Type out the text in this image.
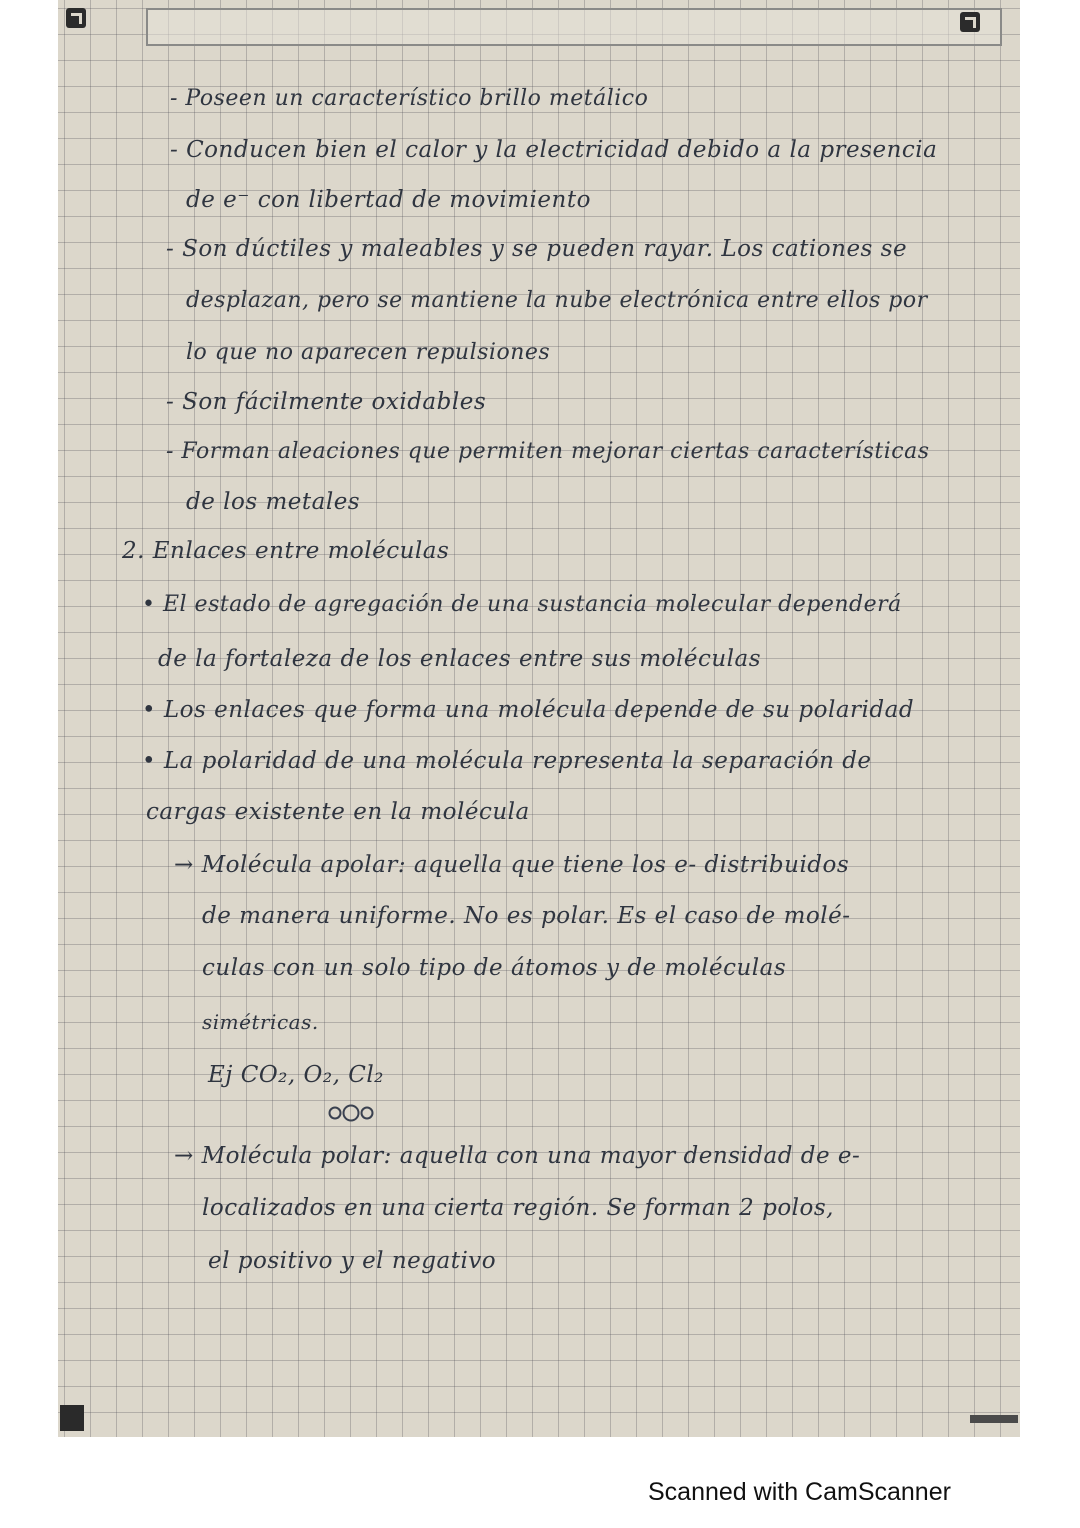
- Poseen un característico brillo metálico
- Conducen bien el calor y la electricidad debido a la presencia
de e⁻ con libertad de movimiento
- Son dúctiles y maleables y se pueden rayar. Los cationes se
desplazan, pero se mantiene la nube electrónica entre ellos por
lo que no aparecen repulsiones
- Son fácilmente oxidables
- Forman aleaciones que permiten mejorar ciertas características
de los metales
2. Enlaces entre moléculas
• El estado de agregación de una sustancia molecular dependerá
de la fortaleza de los enlaces entre sus moléculas
• Los enlaces que forma una molécula depende de su polaridad
• La polaridad de una molécula representa la separación de
cargas existente en la molécula
→ Molécula apolar: aquella que tiene los e- distribuidos
de manera uniforme. No es polar. Es el caso de molé-
culas con un solo tipo de átomos y de moléculas
simétricas.
Ej CO₂, O₂, Cl₂
→ Molécula polar: aquella con una mayor densidad de e-
localizados en una cierta región. Se forman 2 polos,
el positivo y el negativo
Scanned with CamScanner
